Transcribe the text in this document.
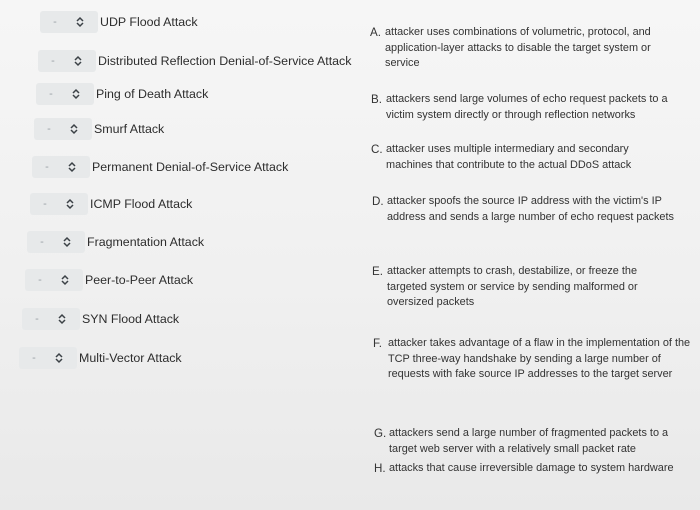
-	UDP Flood Attack
-	Distributed Reflection Denial-of-Service Attack
-	Ping of Death Attack
-	Smurf Attack
-	Permanent Denial-of-Service Attack
-	ICMP Flood Attack
-	Fragmentation Attack
-	Peer-to-Peer Attack
-	SYN Flood Attack
-	Multi-Vector Attack
A. attacker uses combinations of volumetric, protocol, and application-layer attacks to disable the target system or service
B. attackers send large volumes of echo request packets to a victim system directly or through reflection networks
C. attacker uses multiple intermediary and secondary machines that contribute to the actual DDoS attack
D. attacker spoofs the source IP address with the victim's IP address and sends a large number of echo request packets
E. attacker attempts to crash, destabilize, or freeze the targeted system or service by sending malformed or oversized packets
F. attacker takes advantage of a flaw in the implementation of the TCP three-way handshake by sending a large number of requests with fake source IP addresses to the target server
G. attackers send a large number of fragmented packets to a target web server with a relatively small packet rate
H. attacks that cause irreversible damage to system hardware
